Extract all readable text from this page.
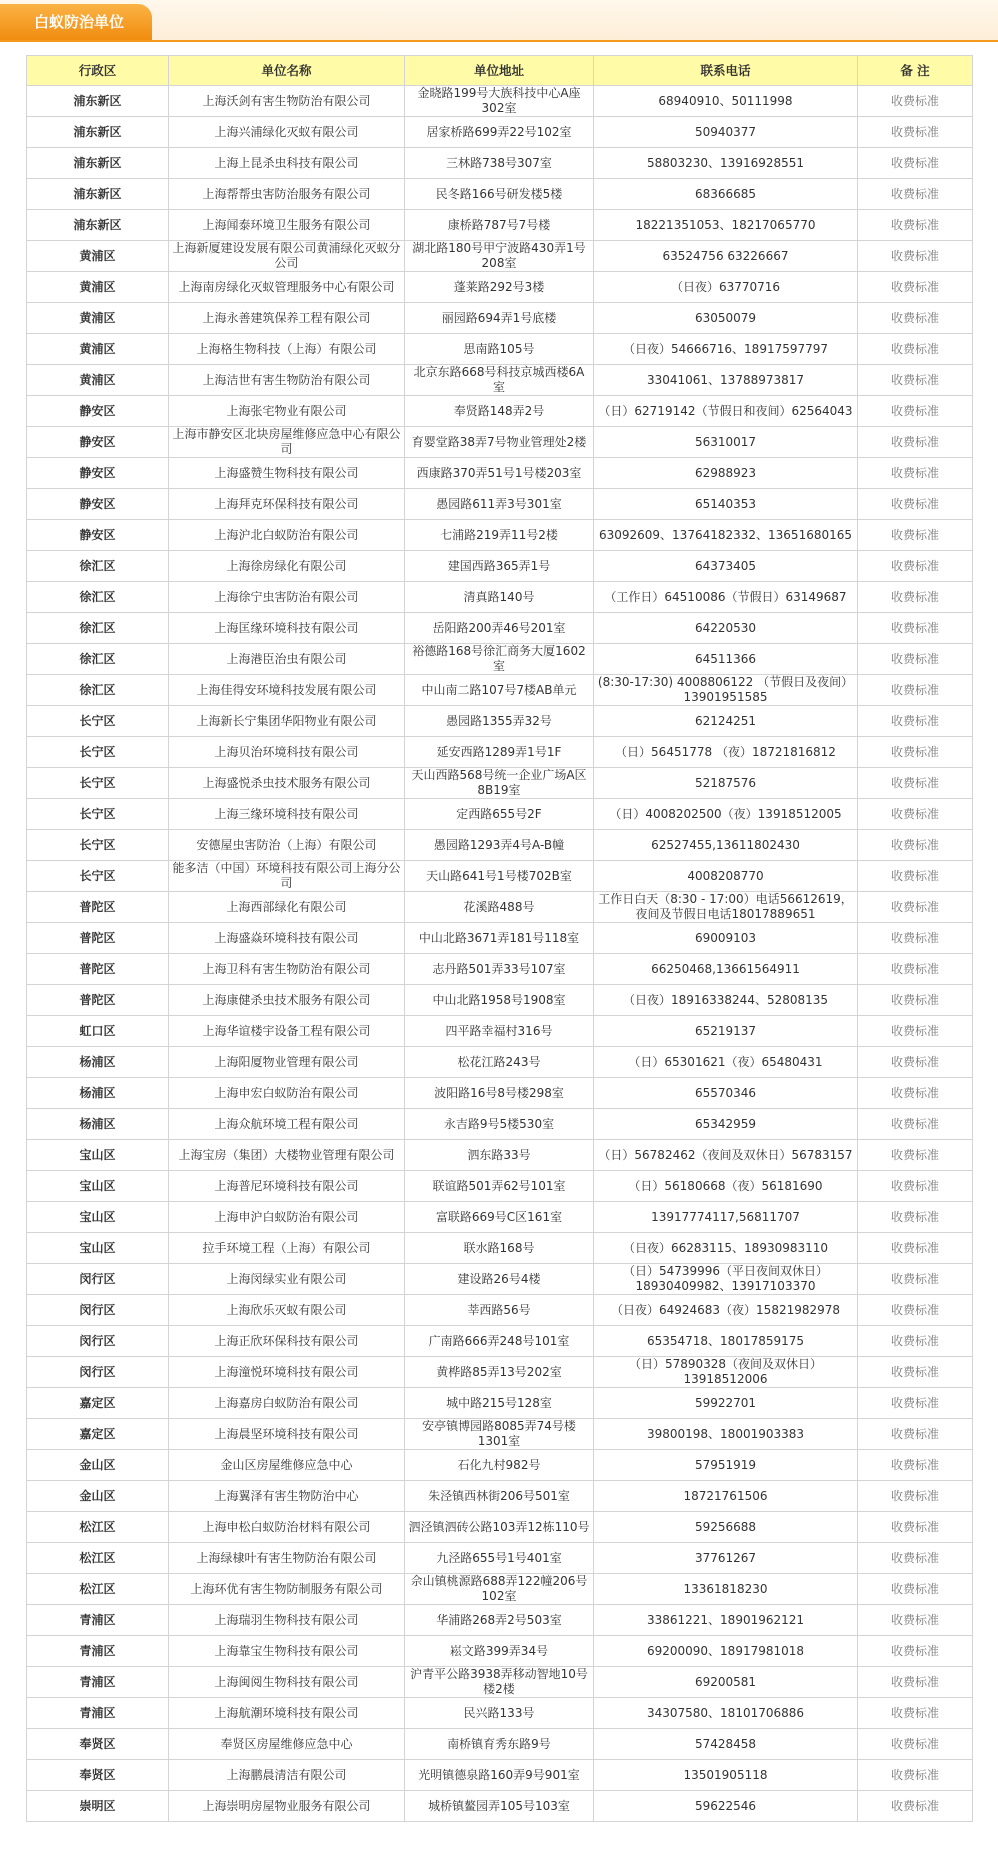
白蚁防治单位
行政区	单位名称	单位地址	联系电话	备 注
浦东新区	上海沃剑有害生物防治有限公司	金晓路199号大族科技中心A座302室	68940910、50111998	收费标准
浦东新区	上海兴浦绿化灭蚁有限公司	居家桥路699弄22号102室	50940377	收费标准
浦东新区	上海上昆杀虫科技有限公司	三林路738号307室	58803230、13916928551	收费标准
浦东新区	上海帮帮虫害防治服务有限公司	民冬路166号研发楼5楼	68366685	收费标准
浦东新区	上海闻泰环境卫生服务有限公司	康桥路787号7号楼	18221351053、18217065770	收费标准
黄浦区	上海新厦建设发展有限公司黄浦绿化灭蚁分公司	湖北路180号甲宁波路430弄1号208室	63524756 63226667	收费标准
黄浦区	上海南房绿化灭蚁管理服务中心有限公司	蓬莱路292号3楼	（日夜）63770716	收费标准
黄浦区	上海永善建筑保养工程有限公司	丽园路694弄1号底楼	63050079	收费标准
黄浦区	上海格生物科技（上海）有限公司	思南路105号	（日夜）54666716、18917597797	收费标准
黄浦区	上海洁世有害生物防治有限公司	北京东路668号科技京城西楼6A室	33041061、13788973817	收费标准
静安区	上海张宅物业有限公司	奉贤路148弄2号	（日）62719142（节假日和夜间）62564043	收费标准
静安区	上海市静安区北块房屋维修应急中心有限公司	育婴堂路38弄7号物业管理处2楼	56310017	收费标准
静安区	上海盛赞生物科技有限公司	西康路370弄51号1号楼203室	62988923	收费标准
静安区	上海拜克环保科技有限公司	愚园路611弄3号301室	65140353	收费标准
静安区	上海沪北白蚁防治有限公司	七浦路219弄11号2楼	63092609、13764182332、13651680165	收费标准
徐汇区	上海徐房绿化有限公司	建国西路365弄1号	64373405	收费标准
徐汇区	上海徐宁虫害防治有限公司	清真路140号	（工作日）64510086（节假日）63149687	收费标准
徐汇区	上海匡缘环境科技有限公司	岳阳路200弄46号201室	64220530	收费标准
徐汇区	上海港臣治虫有限公司	裕德路168号徐汇商务大厦1602室	64511366	收费标准
徐汇区	上海佳得安环境科技发展有限公司	中山南二路107号7楼AB单元	(8:30-17:30) 4008806122 （节假日及夜间）13901951585	收费标准
长宁区	上海新长宁集团华阳物业有限公司	愚园路1355弄32号	62124251	收费标准
长宁区	上海贝治环境科技有限公司	延安西路1289弄1号1F	（日）56451778 （夜）18721816812	收费标准
长宁区	上海盛悦杀虫技术服务有限公司	天山西路568号统一企业广场A区8B19室	52187576	收费标准
长宁区	上海三缘环境科技有限公司	定西路655号2F	（日）4008202500（夜）13918512005	收费标准
长宁区	安德屋虫害防治（上海）有限公司	愚园路1293弄4号A-B幢	62527455,13611802430	收费标准
长宁区	能多洁（中国）环境科技有限公司上海分公司	天山路641号1号楼702B室	4008208770	收费标准
普陀区	上海西部绿化有限公司	花溪路488号	工作日白天（8:30 - 17:00）电话56612619，夜间及节假日电话18017889651	收费标准
普陀区	上海盛焱环境科技有限公司	中山北路3671弄181号118室	69009103	收费标准
普陀区	上海卫科有害生物防治有限公司	志丹路501弄33号107室	66250468,13661564911	收费标准
普陀区	上海康健杀虫技术服务有限公司	中山北路1958号1908室	（日夜）18916338244、52808135	收费标准
虹口区	上海华谊楼宇设备工程有限公司	四平路幸福村316号	65219137	收费标准
杨浦区	上海阳厦物业管理有限公司	松花江路243号	（日）65301621（夜）65480431	收费标准
杨浦区	上海申宏白蚁防治有限公司	波阳路16号8号楼298室	65570346	收费标准
杨浦区	上海众航环境工程有限公司	永吉路9号5楼530室	65342959	收费标准
宝山区	上海宝房（集团）大楼物业管理有限公司	泗东路33号	（日）56782462（夜间及双休日）56783157	收费标准
宝山区	上海普尼环境科技有限公司	联谊路501弄62号101室	（日）56180668（夜）56181690	收费标准
宝山区	上海申沪白蚁防治有限公司	富联路669号C区161室	13917774117,56811707	收费标准
宝山区	拉手环境工程（上海）有限公司	联水路168号	（日夜）66283115、18930983110	收费标准
闵行区	上海闵绿实业有限公司	建设路26号4楼	（日）54739996（平日夜间双休日）18930409982、13917103370	收费标准
闵行区	上海欣乐灭蚁有限公司	莘西路56号	（日夜）64924683（夜）15821982978	收费标准
闵行区	上海正欣环保科技有限公司	广南路666弄248号101室	65354718、18017859175	收费标准
闵行区	上海潼悦环境科技有限公司	黄桦路85弄13号202室	（日）57890328（夜间及双休日）13918512006	收费标准
嘉定区	上海嘉房白蚁防治有限公司	城中路215号128室	59922701	收费标准
嘉定区	上海晨坚环境科技有限公司	安亭镇博园路8085弄74号楼1301室	39800198、18001903383	收费标准
金山区	金山区房屋维修应急中心	石化九村982号	57951919	收费标准
金山区	上海翼泽有害生物防治中心	朱泾镇西林街206号501室	18721761506	收费标准
松江区	上海申松白蚁防治材料有限公司	泗泾镇泗砖公路103弄12栋110号	59256688	收费标准
松江区	上海绿棣叶有害生物防治有限公司	九泾路655号1号401室	37761267	收费标准
松江区	上海环优有害生物防制服务有限公司	佘山镇桃源路688弄122幢206号102室	13361818230	收费标准
青浦区	上海瑞羽生物科技有限公司	华浦路268弄2号503室	33861221、18901962121	收费标准
青浦区	上海靠宝生物科技有限公司	崧文路399弄34号	69200090、18917981018	收费标准
青浦区	上海闽阅生物科技有限公司	沪青平公路3938弄移动智地10号楼2楼	69200581	收费标准
青浦区	上海航潮环境科技有限公司	民兴路133号	34307580、18101706886	收费标准
奉贤区	奉贤区房屋维修应急中心	南桥镇育秀东路9号	57428458	收费标准
奉贤区	上海鹏晨清洁有限公司	光明镇德泉路160弄9号901室	13501905118	收费标准
崇明区	上海崇明房屋物业服务有限公司	城桥镇鳌园弄105号103室	59622546	收费标准
